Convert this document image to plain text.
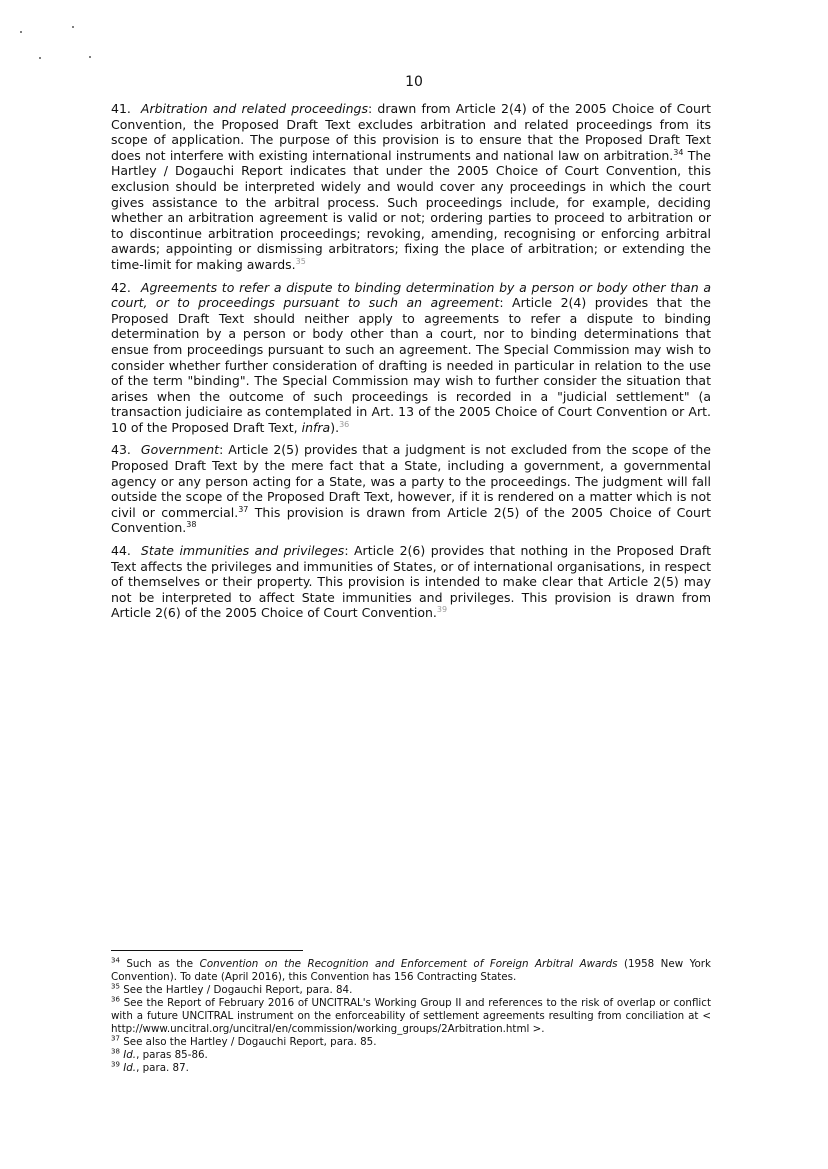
10

41. Arbitration and related proceedings: drawn from Article 2(4) of the 2005 Choice of Court Convention, the Proposed Draft Text excludes arbitration and related proceedings from its scope of application. The purpose of this provision is to ensure that the Proposed Draft Text does not interfere with existing international instruments and national law on arbitration.$^{34}$ The Hartley / Dogauchi Report indicates that under the 2005 Choice of Court Convention, this exclusion should be interpreted widely and would cover any proceedings in which the court gives assistance to the arbitral process. Such proceedings include, for example, deciding whether an arbitration agreement is valid or not; ordering parties to proceed to arbitration or to discontinue arbitration proceedings; revoking, amending, recognising or enforcing arbitral awards; appointing or dismissing arbitrators; fixing the place of arbitration; or extending the time-limit for making awards.$^{35}$

42. Agreements to refer a dispute to binding determination by a person or body other than a court, or to proceedings pursuant to such an agreement: Article 2(4) provides that the Proposed Draft Text should neither apply to agreements to refer a dispute to binding determination by a person or body other than a court, nor to binding determinations that ensue from proceedings pursuant to such an agreement. The Special Commission may wish to consider whether further consideration of drafting is needed in particular in relation to the use of the term "binding". The Special Commission may wish to further consider the situation that arises when the outcome of such proceedings is recorded in a "judicial settlement" (a transaction judiciaire as contemplated in Art. 13 of the 2005 Choice of Court Convention or Art. 10 of the Proposed Draft Text, infra).$^{36}$

43. Government: Article 2(5) provides that a judgment is not excluded from the scope of the Proposed Draft Text by the mere fact that a State, including a government, a governmental agency or any person acting for a State, was a party to the proceedings. The judgment will fall outside the scope of the Proposed Draft Text, however, if it is rendered on a matter which is not civil or commercial.$^{37}$ This provision is drawn from Article 2(5) of the 2005 Choice of Court Convention.$^{38}$

44. State immunities and privileges: Article 2(6) provides that nothing in the Proposed Draft Text affects the privileges and immunities of States, or of international organisations, in respect of themselves or their property. This provision is intended to make clear that Article 2(5) may not be interpreted to affect State immunities and privileges. This provision is drawn from Article 2(6) of the 2005 Choice of Court Convention.$^{39}$

$^{34}$ Such as the Convention on the Recognition and Enforcement of Foreign Arbitral Awards (1958 New York Convention). To date (April 2016), this Convention has 156 Contracting States.

$^{35}$ See the Hartley / Dogauchi Report, para. 84.

$^{36}$ See the Report of February 2016 of UNCITRAL's Working Group II and references to the risk of overlap or conflict with a future UNCITRAL instrument on the enforceability of settlement agreements resulting from conciliation at < http://www.uncitral.org/uncitral/en/commission/working_groups/2Arbitration.html >.

$^{37}$ See also the Hartley / Dogauchi Report, para. 85.

$^{38}$ Id., paras 85-86.

$^{39}$ Id., para. 87.
